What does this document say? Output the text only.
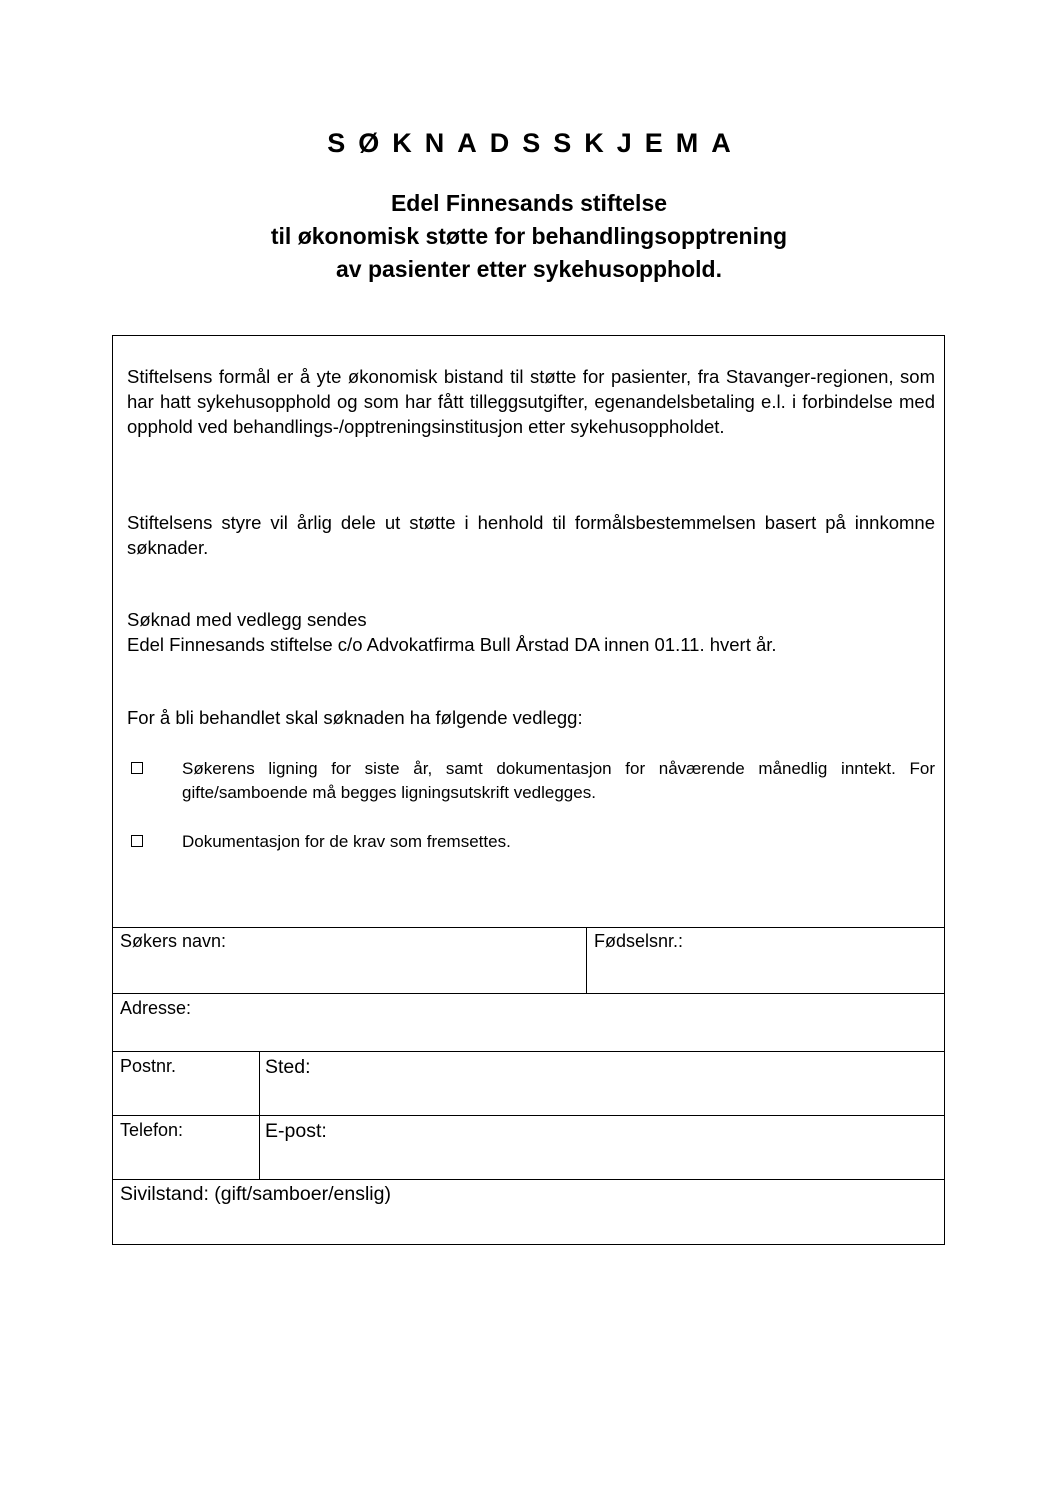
SØKNADSSKJEMA
Edel Finnesands stiftelse
til økonomisk støtte for behandlingsopptrening
av pasienter etter sykehusopphold.
Stiftelsens formål er å yte økonomisk bistand til støtte for pasienter, fra Stavanger-regionen, som har hatt sykehusopphold og som har fått tilleggsutgifter, egenandelsbetaling e.l. i forbindelse med opphold ved behandlings-/opptreningsinstitusjon etter sykehusoppholdet.
Stiftelsens styre vil årlig dele ut støtte i henhold til formålsbestemmelsen basert på innkomne søknader.
Søknad med vedlegg sendes
Edel Finnesands stiftelse c/o Advokatfirma Bull Årstad DA innen 01.11. hvert år.
For å bli behandlet skal søknaden ha følgende vedlegg:
Søkerens ligning for siste år, samt dokumentasjon for nåværende månedlig inntekt. For gifte/samboende må begges ligningsutskrift vedlegges.
Dokumentasjon for de krav som fremsettes.
Søkers navn:	Fødselsnr.:
Adresse:
Postnr.	Sted:
Telefon:	E-post:
Sivilstand: (gift/samboer/enslig)
